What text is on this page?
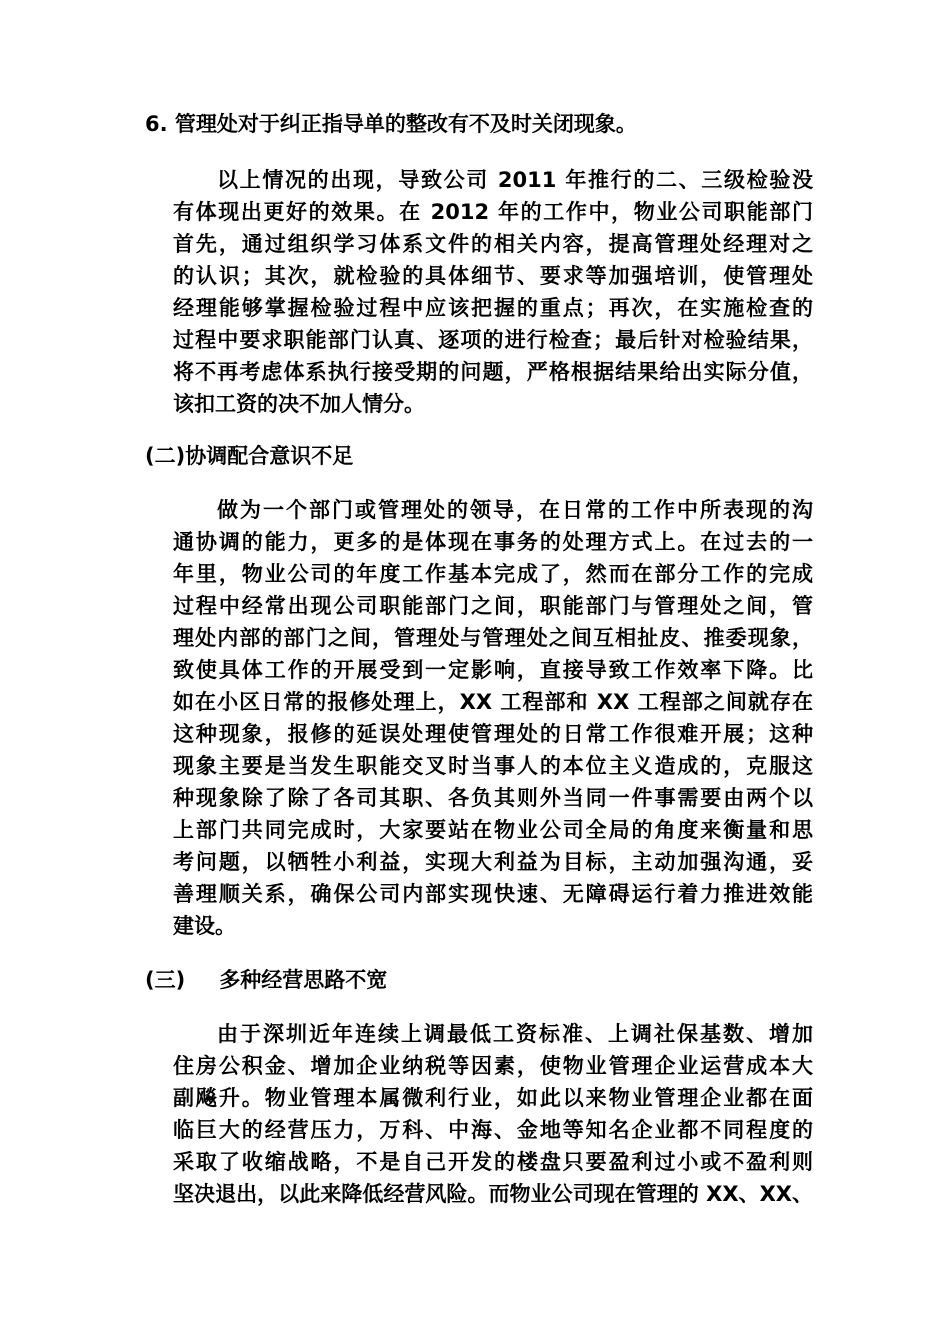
6. 管理处对于纠正指导单的整改有不及时关闭现象。
以上情况的出现，导致公司 2011 年推行的二、三级检验没
有体现出更好的效果。在 2012 年的工作中，物业公司职能部门
首先，通过组织学习体系文件的相关内容，提高管理处经理对之
的认识；其次，就检验的具体细节、要求等加强培训，使管理处
经理能够掌握检验过程中应该把握的重点；再次，在实施检查的
过程中要求职能部门认真、逐项的进行检查；最后针对检验结果，
将不再考虑体系执行接受期的问题，严格根据结果给出实际分值，
该扣工资的决不加人情分。
(二)协调配合意识不足
做为一个部门或管理处的领导，在日常的工作中所表现的沟
通协调的能力，更多的是体现在事务的处理方式上。在过去的一
年里，物业公司的年度工作基本完成了，然而在部分工作的完成
过程中经常出现公司职能部门之间，职能部门与管理处之间，管
理处内部的部门之间，管理处与管理处之间互相扯皮、推委现象，
致使具体工作的开展受到一定影响，直接导致工作效率下降。比
如在小区日常的报修处理上，XX 工程部和 XX 工程部之间就存在
这种现象，报修的延误处理使管理处的日常工作很难开展；这种
现象主要是当发生职能交叉时当事人的本位主义造成的，克服这
种现象除了除了各司其职、各负其则外当同一件事需要由两个以
上部门共同完成时，大家要站在物业公司全局的角度来衡量和思
考问题，以牺牲小利益，实现大利益为目标，主动加强沟通，妥
善理顺关系，确保公司内部实现快速、无障碍运行着力推进效能
建设。
(三) 多种经营思路不宽
由于深圳近年连续上调最低工资标准、上调社保基数、增加
住房公积金、增加企业纳税等因素，使物业管理企业运营成本大
副飚升。物业管理本属微利行业，如此以来物业管理企业都在面
临巨大的经营压力，万科、中海、金地等知名企业都不同程度的
采取了收缩战略，不是自己开发的楼盘只要盈利过小或不盈利则
坚决退出，以此来降低经营风险。而物业公司现在管理的 XX、XX、
